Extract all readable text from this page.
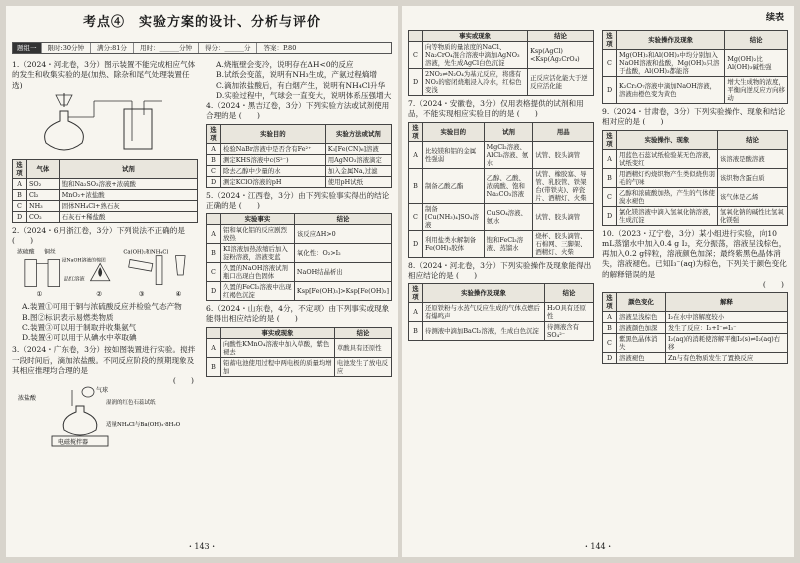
考点④　实验方案的设计、分析与评价
题组一	限时:30分钟	满分:81分	用时：______分钟	得分：______分	答案：P.80

1.（2024・河北卷，3分）图示装置不能完成相应气体的发生和收集实验的是(加热、除杂和尾气处理装置任选)

选项	气体	试剂
A	SO₂	饱和Na₂SO₃溶液+浓硫酸
B	Cl₂	MnO₂+浓盐酸
C	NH₃	固体NH₄Cl+熟石灰
D	CO₂	石灰石+稀盐酸

2.（2024・6月浙江卷，3分）下列说法不正确的是 (　　)

浓硫酸 铜丝
浸NaOH溶液的棉团
品红溶液
Ca(OH)₂和NH₄Cl
①	②	③	④

A.装置①可用于铜与浓硫酸反应并检验气态产物

B.图②标识表示易燃类物质

C.装置③可以用于制取并收集氨气

D.装置④可以用于从碘水中萃取碘

3.（2024・广东卷，3分）按如图装置进行实验。搅拌一段时间后，滴加浓盐酸。不同反应阶段的预期现象及其相应推理均合理的是

(　　)

浓盐酸
气球
湿润的红色石蕊试纸
适量NH₄Cl与Ba(OH)₂·8H₂O
电磁搅拌器

A.烧瓶壁会变冷，说明存在ΔH<0的反应

B.试纸会变蓝，说明有NH₃生成，产氨过程熵增

C.滴加浓盐酸后，有白烟产生，说明有NH₄Cl升华

D.实验过程中，气球会一直变大，说明体系压强增大

4.（2024・黑吉辽卷，3分）下列实验方法或试剂使用合理的是 (　　)

选项	实验目的	实验方法或试剂
A	检验NaBr溶液中是否含有Fe²⁺	K₃[Fe(CN)₆]溶液
B	测定KHS溶液中c(S²⁻)	用AgNO₃溶液滴定
C	除去乙醇中少量的水	加入金属Na,过滤
D	测定KClO溶液的pH	使用pH试纸

5.（2024・江西卷，3分）由下列实验事实得出的结论正确的是 (　　)

	实验事实	结论
A	铝和氧化铝的反应剧烈放热	该反应ΔH>0
B	KI溶液加热浓缩后加入淀粉溶液，溶液变蓝	氧化性：O₂>I₂
C	久置的NaOH溶液试剂瓶口出现白色固体	NaOH结晶析出
D	久置的FeCl₂溶液中出现红褐色沉淀	Ksp[Fe(OH)₃]>Ksp[Fe(OH)₂]

6.（2024・山东卷，4分，不定项）由下列事实或现象能得出相应结论的是 (　　)

	事实或现象	结论
A	向酸性KMnO₄溶液中加入草酸，紫色褪去	草酸具有还原性
B	铅蓄电池使用过程中两电极的质量均增加	电池发生了放电反应
・143・
续表
	事实或现象	结论
C	向等物质的量浓度的NaCl、Na₂CrO₄混合溶液中滴加AgNO₃溶液，先生成AgCl白色沉淀	Ksp(AgCl)<Ksp(Ag₂CrO₄)
D	2NO₂⇌N₂O₄为基元反应，将盛有NO₂的密闭烧瓶浸入冷水，红棕色变浅	正反应活化能大于逆反应活化能

7.（2024・安徽卷，3分）仅用表格提供的试剂和用品，不能实现相应实验目的的是 (　　)

选项	实验目的	试剂	用品
A	比较镁和铝的金属性强弱	MgCl₂溶液、AlCl₃溶液、氨水	试管、胶头滴管
B	制备乙酸乙酯	乙醇、乙酸、浓硫酸、饱和Na₂CO₃溶液	试管、橡胶塞、导管、乳胶管、铁架台(带铁夹)、碎瓷片、酒精灯、火柴
C	制备[Cu(NH₃)₄]SO₄溶液	CuSO₄溶液、氨水	试管、胶头滴管
D	利用盐类水解制备Fe(OH)₃胶体	饱和FeCl₃溶液、蒸馏水	烧杯、胶头滴管、石棉网、三脚架、酒精灯、火柴

8.（2024・河北卷，3分）下列实验操作及现象能得出相应结论的是 (　　)

选项	实验操作及现象	结论
A	还原铁粉与水蒸气反应生成的气体点燃后有爆鸣声	H₂O具有还原性
B	待测液中滴加BaCl₂溶液，生成白色沉淀	待测液含有SO₄²⁻
选项	实验操作及现象	结论
C	Mg(OH)₂和Al(OH)₃中均分别加入NaOH溶液和盐酸，Mg(OH)₂只溶于盐酸，Al(OH)₃都能溶	Mg(OH)₂比Al(OH)₃碱性强
D	K₂Cr₂O₇溶液中滴加NaOH溶液，溶液由橙色变为黄色	增大生成物的浓度，平衡向逆反应方向移动

9.（2024・甘肃卷，3分）下列实验操作、现象和结论相对应的是 (　　)

选项	实验操作、现象	结论
A	用蓝色石蕊试纸检验某无色溶液，试纸变红	该溶液是酸溶液
B	用酒精灯灼烧织物产生类似烧焦羽毛的气味	该织物含蛋白质
C	乙醇和浓硫酸加热，产生的气体使溴水褪色	该气体是乙烯
D	氯化镁溶液中滴入氢氧化钠溶液，生成沉淀	氢氧化钠的碱性比氢氧化镁强

10.（2023・辽宁卷，3分）某小组进行实验，向10 mL蒸馏水中加入0.4 g I₂，充分振荡，溶液呈浅棕色，再加入0.2 g锌粒，溶液颜色加深；最终紫黑色晶体消失，溶液褪色。已知I₃⁻(aq)为棕色，下列关于颜色变化的解释错误的是

(　　)

选项	颜色变化	解释
A	溶液呈浅棕色	I₂在水中溶解度较小
B	溶液颜色加深	发生了反应：I₂+I⁻⇌I₃⁻
C	紫黑色晶体消失	I₂(aq)的消耗使溶解平衡I₂(s)⇌I₂(aq)右移
D	溶液褪色	Zn与有色物质发生了置换反应
・144・
